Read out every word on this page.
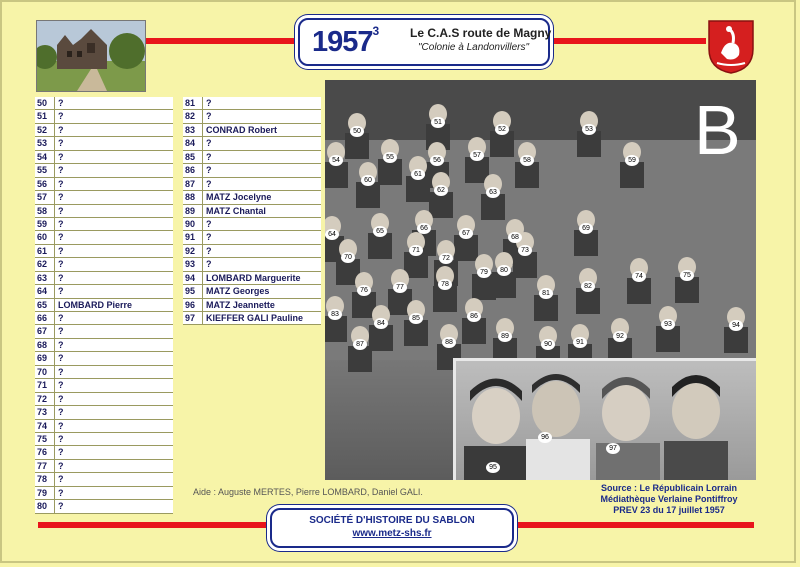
1957$^3$	Le C.A.S route de Magny
"Colonie à Landonvillers"
50	?
51	?
52	?
53	?
54	?
55	?
56	?
57	?
58	?
59	?
60	?
61	?
62	?
63	?
64	?
65	LOMBARD Pierre
66	?
67	?
68	?
69	?
70	?
71	?
72	?
73	?
74	?
75	?
76	?
77	?
78	?
79	?
80	?
81	?
82	?
83	CONRAD Robert
84	?
85	?
86	?
87	?
88	MATZ Jocelyne
89	MATZ Chantal
90	?
91	?
92	?
93	?
94	LOMBARD Marguerite
95	MATZ Georges
96	MATZ Jeannette
97	KIEFFER GALI Pauline
B
50
51
52	53
54	55	56
57
58	59
60
61
62	63
64	65	66
67
68
69
70
71
72
73
74	75
76	77	78
79	80
81
82
83
84
85	86
87	88
89
90	91
92
93	94
95
96
97
Aide : Auguste MERTES, Pierre LOMBARD, Daniel GALI.	Source : Le Républicain Lorrain
Médiathèque Verlaine Pontiffroy
PREV 23 du 17 juillet 1957
SOCIÉTÉ D'HISTOIRE DU SABLON
www.metz-shs.fr
